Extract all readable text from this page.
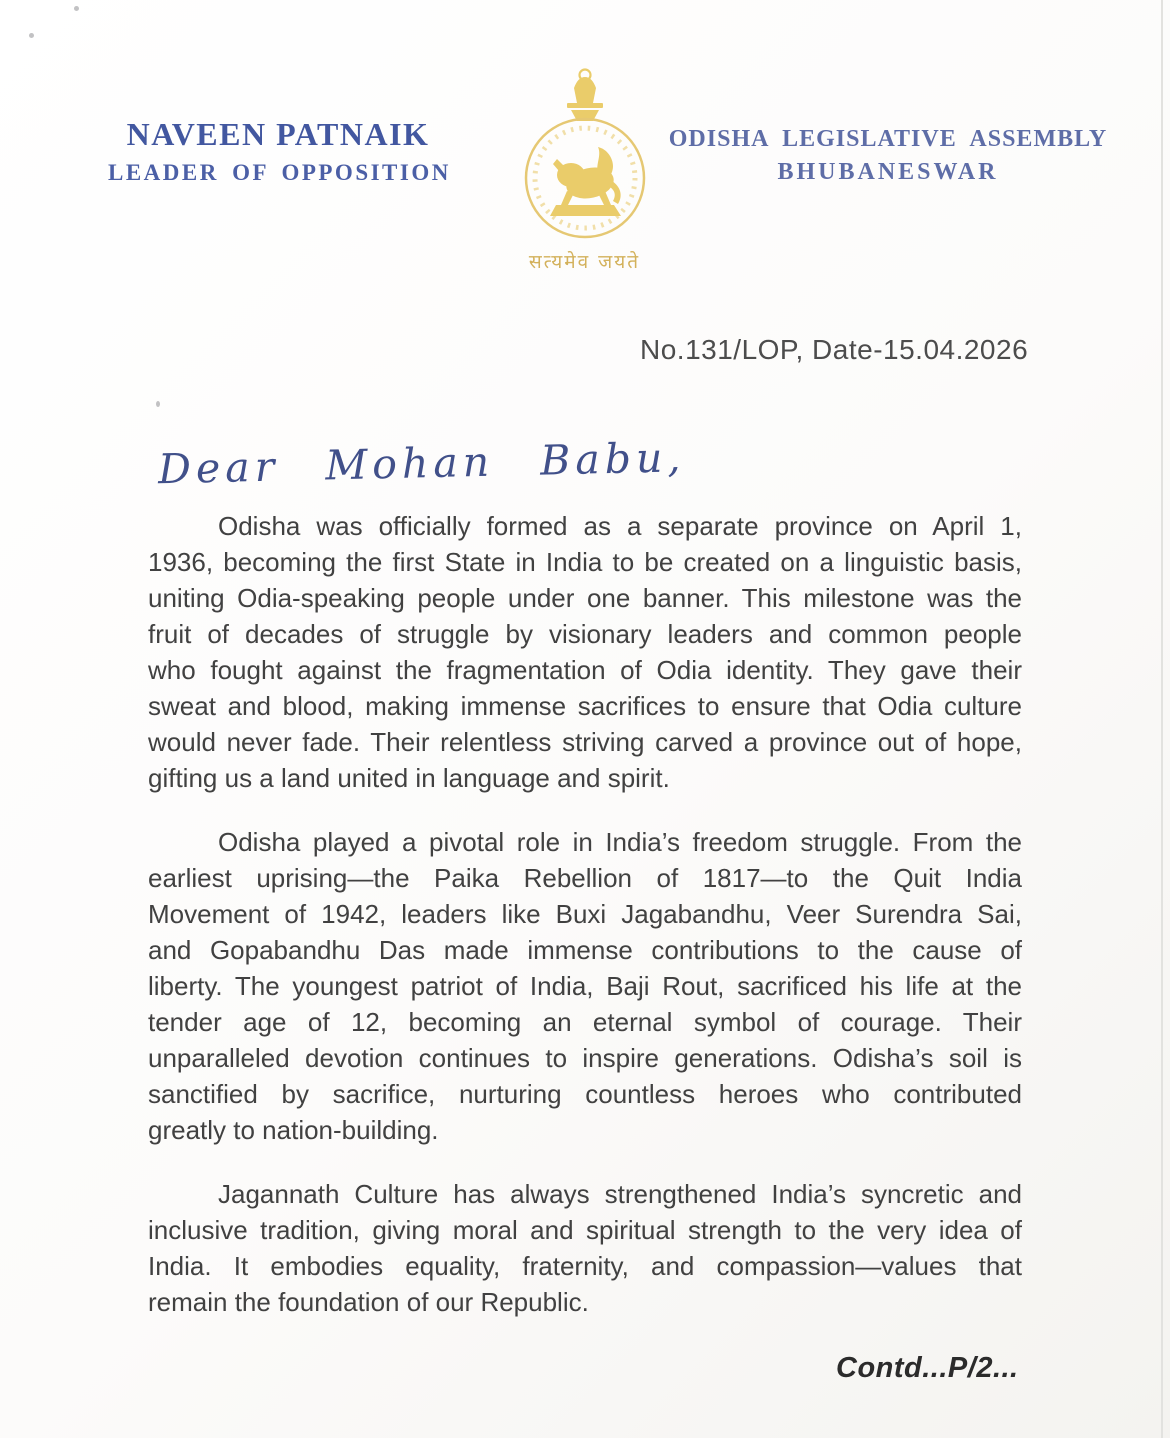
NAVEEN PATNAIK
LEADER OF OPPOSITION
सत्यमेव जयते
ODISHA LEGISLATIVE ASSEMBLY
BHUBANESWAR
No.131/LOP, Date-15.04.2026
Dear Mohan Babu,
Odisha was officially formed as a separate province on April 1,
1936, becoming the first State in India to be created on a linguistic basis,
uniting Odia-speaking people under one banner. This milestone was the
fruit of decades of struggle by visionary leaders and common people
who fought against the fragmentation of Odia identity. They gave their
sweat and blood, making immense sacrifices to ensure that Odia culture
would never fade. Their relentless striving carved a province out of hope,
gifting us a land united in language and spirit.
Odisha played a pivotal role in India’s freedom struggle. From the
earliest uprising—the Paika Rebellion of 1817—to the Quit India
Movement of 1942, leaders like Buxi Jagabandhu, Veer Surendra Sai,
and Gopabandhu Das made immense contributions to the cause of
liberty. The youngest patriot of India, Baji Rout, sacrificed his life at the
tender age of 12, becoming an eternal symbol of courage. Their
unparalleled devotion continues to inspire generations. Odisha’s soil is
sanctified by sacrifice, nurturing countless heroes who contributed
greatly to nation-building.
Jagannath Culture has always strengthened India’s syncretic and
inclusive tradition, giving moral and spiritual strength to the very idea of
India. It embodies equality, fraternity, and compassion—values that
remain the foundation of our Republic.
Contd...P/2...
